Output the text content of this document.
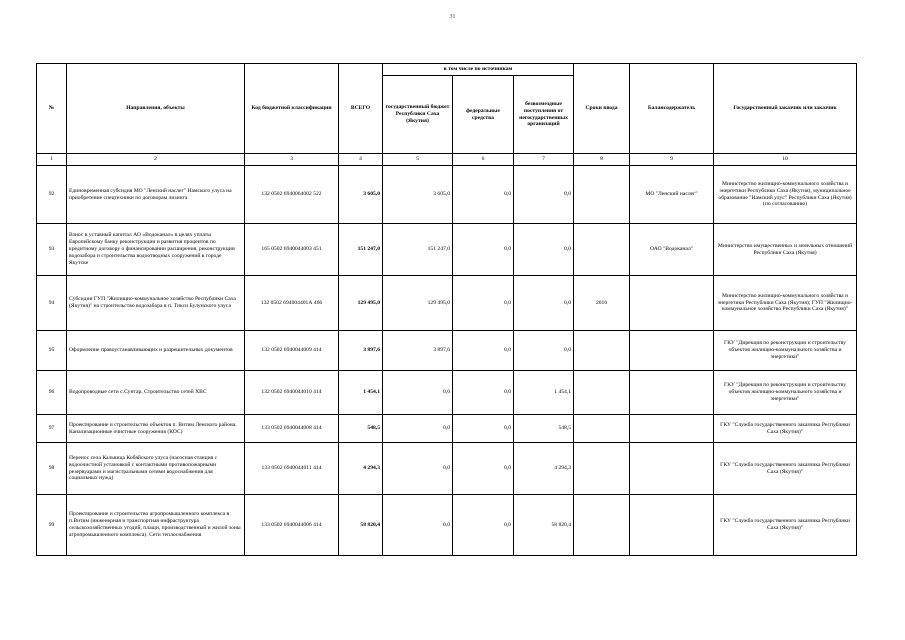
31
№	Направления, объекты	Код бюджетной классификации	ВСЕГО	в том числе по источникам			Сроки ввода	Балансодержатель	Государственный заказчик или заказчик
				государственный бюджет Республики Саха (Якутия)	федеральные средства	безвозмездные поступления от негосударственных организаций			
1	2	3	4	5	6	7	8	9	10
92	Единовременная субсидия МО "Ленский наслег" Намского улуса на приобретение спецтехники по договорам лизинга	132 0502 6940064002 522	3 605,0	3 605,0	0,0	0,0		МО "Ленский наслег"	Министерство жилищно-коммунального хозяйства и энергетики Республики Саха (Якутия), муниципальное образование "Намский улус" Республики Саха (Якутия) (по согласованию)
93	Взнос в уставный капитал АО «Водоканал» в целях уплаты Европейскому банку реконструкции и развития процентов по кредитному договору о финансировании расширения, реконструкции водозабора и строительства водоотводных сооружений в городе Якутске	165 0502 6940044003 451	151 247,0	151 247,0	0,0	0,0		ОАО "Водоканал"	Министерство имущественных и земельных отношений Республики Саха (Якутия)
94	Субсидии ГУП "Жилищно-коммунальное хозяйство Республики Саха (Якутия)" на строительство водозабора в п. Тикси Булунского улуса	132 0502 694004401А 466	129 495,0	129 495,0	0,0	0,0	2016		Министерство жилищно-коммунального хозяйства и энергетики Республики Саха (Якутия); ГУП "Жилищно-коммунальное хозяйство Республики Саха (Якутия)"
95	Оформление правоустанавливающих и разрешительных документов	132 0502 6940044009 414	3 897,6	3 897,6	0,0	0,0			ГКУ "Дирекция по реконструкции и строительству объектов жилищно-коммунального хозяйства и энергетики"
96	Водопроводные сети с.Сунтар. Строительство сетей ХВС	132 0502 6940044010 414	1 454,1	0,0	0,0	1 454,1			ГКУ "Дирекция по реконструкции и строительству объектов жилищно-коммунального хозяйства и энергетики"
97	Проектирование и строительство объектов п. Витим Ленского района. Канализационные очистные сооружения (КОС)	133 0502 6940044008 414	548,5	0,0	0,0	548,5			ГКУ "Служба государственного заказчика Республики Саха (Якутия)"
98	Перенос села Кальвица Кобяйского улуса (насосная станция с водоочистной установкой с контактными противопожарными резервуарами и магистральными сетями водоснабжения для социальных нужд)	133 0502 6940044011 414	4 294,3	0,0	0,0	4 294,3			ГКУ "Служба государственного заказчика Республики Саха (Якутия)"
99	Проектирование и строительство агропромышленного комплекса в п.Витим (инженерная и транспортная инфраструктура сельскохозяйственных угодий, плащи, производственный и жилой зоны агропромышленного комплекса). Сети теплоснабжения	133 0502 6940044006 414	58 820,4	0,0	0,0	58 820,4			ГКУ "Служба государственного заказчика Республики Саха (Якутия)"
